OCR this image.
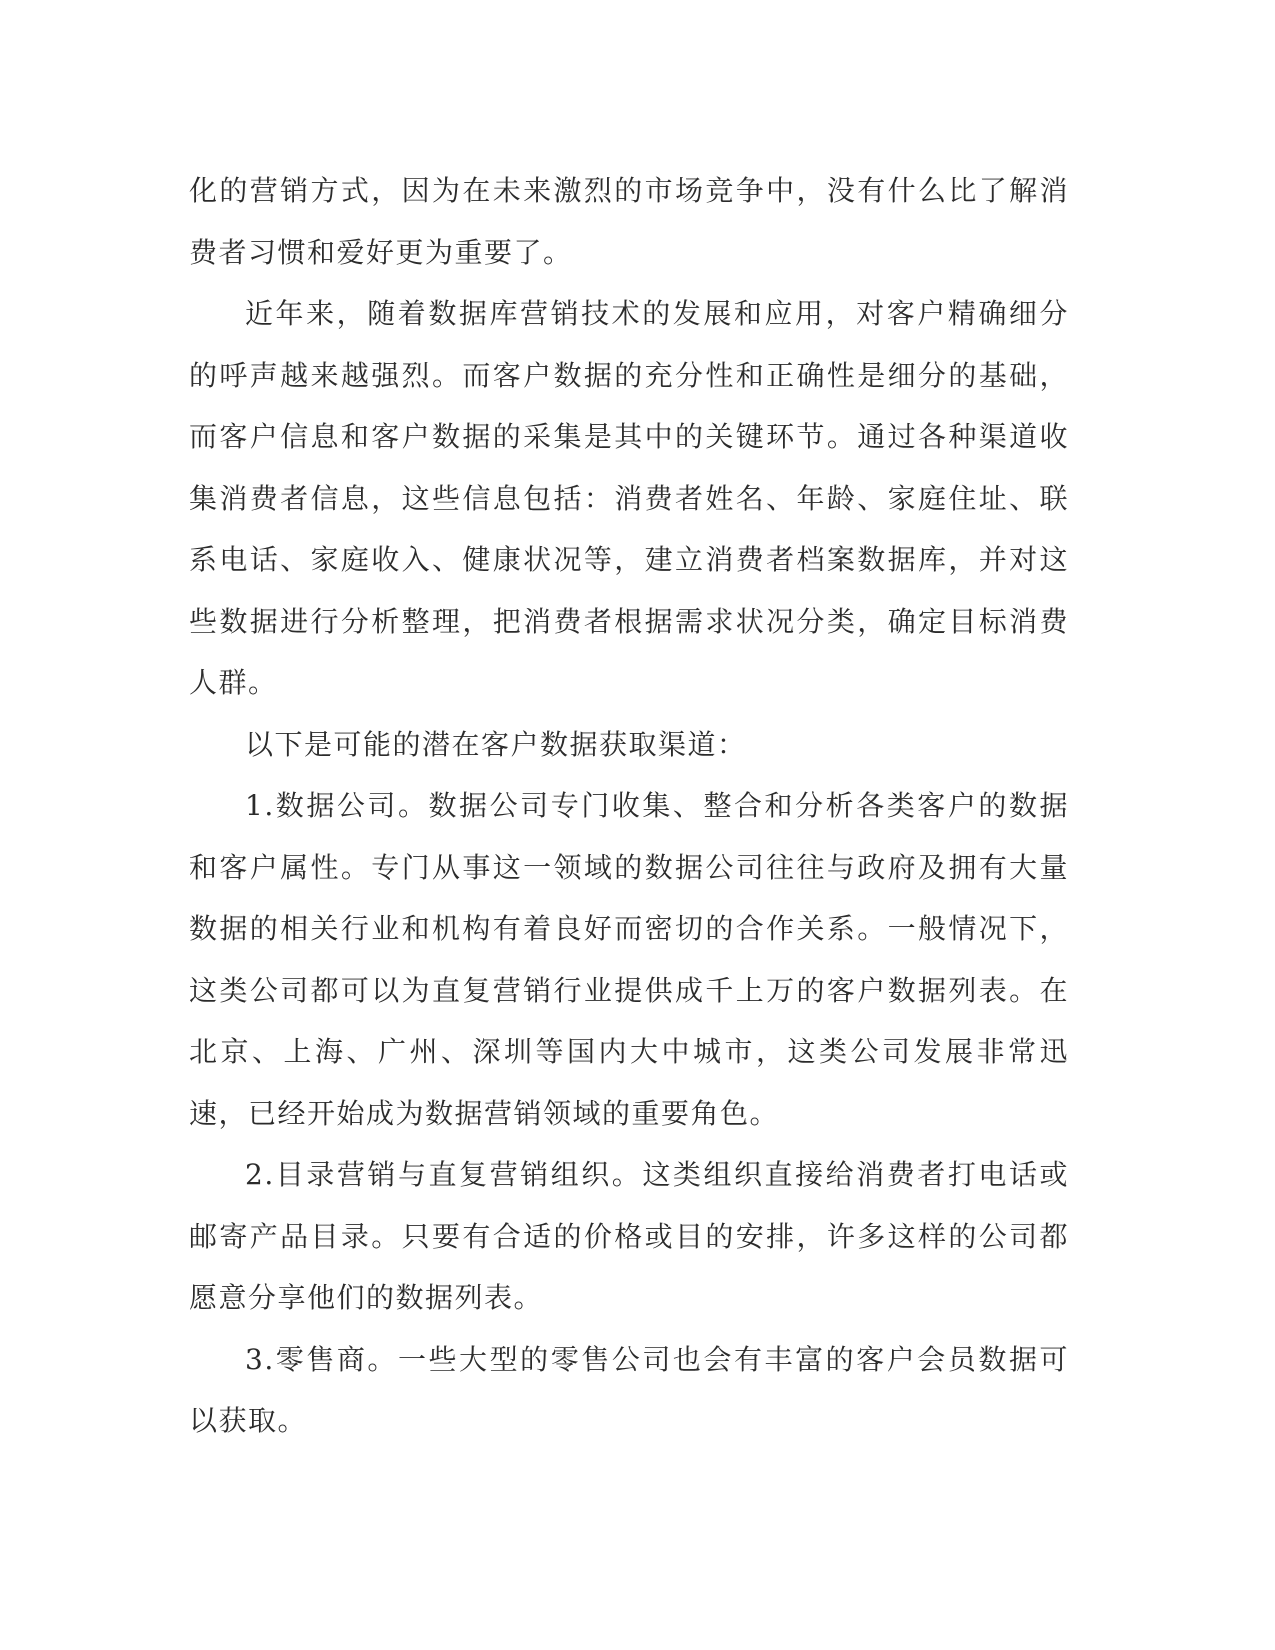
化的营销方式，因为在未来激烈的市场竞争中，没有什么比了解消费者习惯和爱好更为重要了。

近年来，随着数据库营销技术的发展和应用，对客户精确细分的呼声越来越强烈。而客户数据的充分性和正确性是细分的基础，而客户信息和客户数据的采集是其中的关键环节。通过各种渠道收集消费者信息，这些信息包括：消费者姓名、年龄、家庭住址、联系电话、家庭收入、健康状况等，建立消费者档案数据库，并对这些数据进行分析整理，把消费者根据需求状况分类，确定目标消费人群。

以下是可能的潜在客户数据获取渠道：

1.数据公司。数据公司专门收集、整合和分析各类客户的数据和客户属性。专门从事这一领域的数据公司往往与政府及拥有大量数据的相关行业和机构有着良好而密切的合作关系。一般情况下，这类公司都可以为直复营销行业提供成千上万的客户数据列表。在北京、上海、广州、深圳等国内大中城市，这类公司发展非常迅速，已经开始成为数据营销领域的重要角色。

2.目录营销与直复营销组织。这类组织直接给消费者打电话或邮寄产品目录。只要有合适的价格或目的安排，许多这样的公司都愿意分享他们的数据列表。

3.零售商。一些大型的零售公司也会有丰富的客户会员数据可以获取。
